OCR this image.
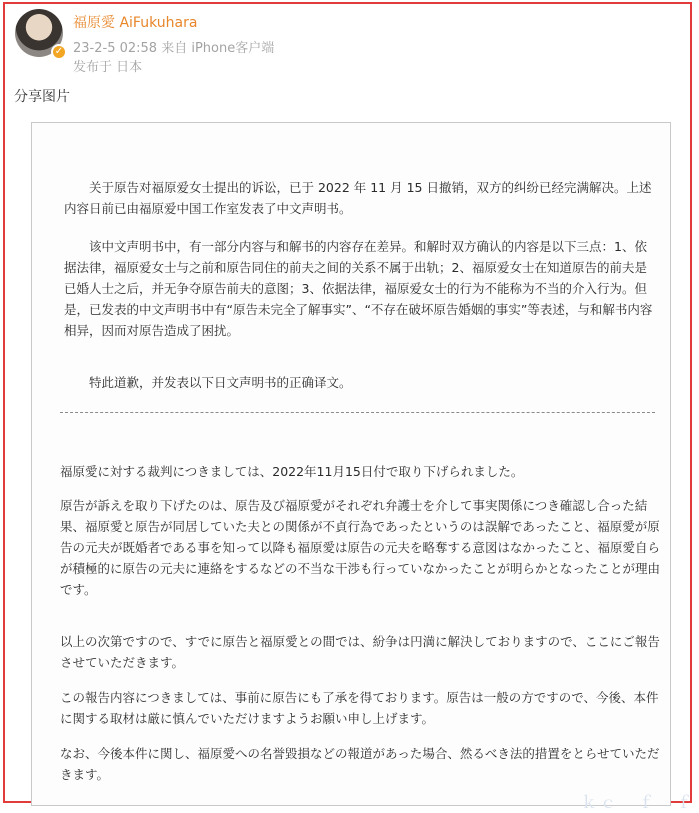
✓
福原愛 AiFukuhara
23-2-5 02:58 来自 iPhone客户端
发布于 日本
分享图片

　　关于原告对福原爱女士提出的诉讼，已于 2022 年 11 月 15 日撤销，双方的纠纷已经完满解决。上述内容日前已由福原爱中国工作室发表了中文声明书。

　　该中文声明书中，有一部分内容与和解书的内容存在差异。和解时双方确认的内容是以下三点：1、依据法律，福原爱女士与之前和原告同住的前夫之间的关系不属于出轨；2、福原爱女士在知道原告的前夫是已婚人士之后，并无争夺原告前夫的意图；3、依据法律，福原爱女士的行为不能称为不当的介入行为。但是，已发表的中文声明书中有“原告未完全了解事实”、“不存在破坏原告婚姻的事实”等表述，与和解书内容相异，因而对原告造成了困扰。

　　特此道歉，并发表以下日文声明书的正确译文。

福原愛に対する裁判につきましては、2022年11月15日付で取り下げられました。

原告が訴えを取り下げたのは、原告及び福原愛がそれぞれ弁護士を介して事実関係につき確認し合った結果、福原愛と原告が同居していた夫との関係が不貞行為であったというのは誤解であったこと、福原愛が原告の元夫が既婚者である事を知って以降も福原愛は原告の元夫を略奪する意図はなかったこと、福原愛自らが積極的に原告の元夫に連絡をするなどの不当な干渉も行っていなかったことが明らかとなったことが理由です。

以上の次第ですので、すでに原告と福原愛との間では、紛争は円満に解決しておりますので、ここにご報告させていただきます。

この報告内容につきましては、事前に原告にも了承を得ております。原告は一般の方ですので、今後、本件に関する取材は厳に慎んでいただけますようお願い申し上げます。

なお、今後本件に関し、福原愛への名誉毀損などの報道があった場合、然るべき法的措置をとらせていただきます。

ｋｃ　ｆ　ｆ
